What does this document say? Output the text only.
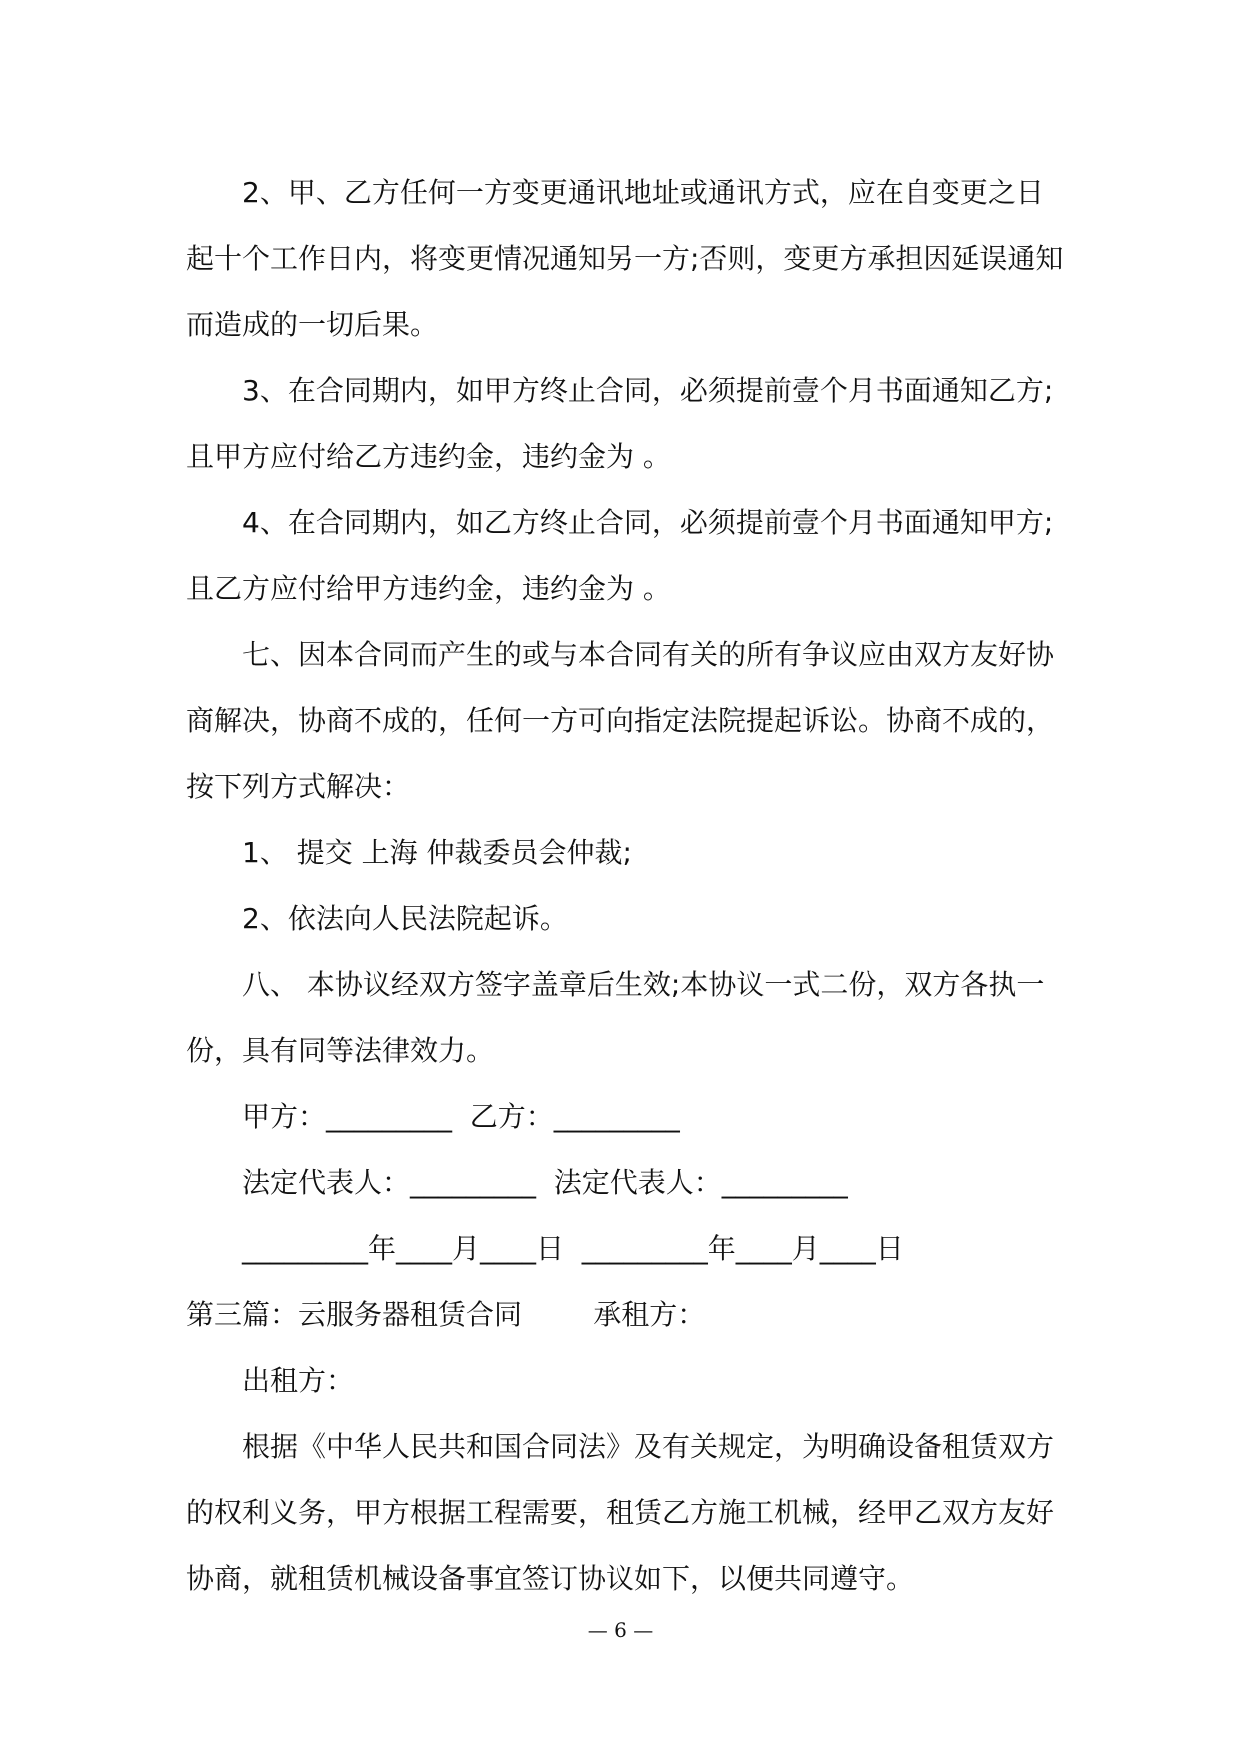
2、甲、乙方任何一方变更通讯地址或通讯方式，应在自变更之日起十个工作日内，将变更情况通知另一方;否则，变更方承担因延误通知而造成的一切后果。

3、在合同期内，如甲方终止合同，必须提前壹个月书面通知乙方;且甲方应付给乙方违约金，违约金为 。

4、在合同期内，如乙方终止合同，必须提前壹个月书面通知甲方;且乙方应付给甲方违约金，违约金为 。

七、因本合同而产生的或与本合同有关的所有争议应由双方友好协商解决，协商不成的，任何一方可向指定法院提起诉讼。协商不成的，按下列方式解决：

1、 提交 上海 仲裁委员会仲裁;

2、依法向人民法院起诉。

八、 本协议经双方签字盖章后生效;本协议一式二份，双方各执一份，具有同等法律效力。

甲方：_________  乙方：_________

法定代表人：_________  法定代表人：_________

_________年____月____日  _________年____月____日

第三篇：云服务器租赁合同        承租方：

出租方：

根据《中华人民共和国合同法》及有关规定，为明确设备租赁双方的权利义务，甲方根据工程需要，租赁乙方施工机械，经甲乙双方友好协商，就租赁机械设备事宜签订协议如下，以便共同遵守。

— 6 —
